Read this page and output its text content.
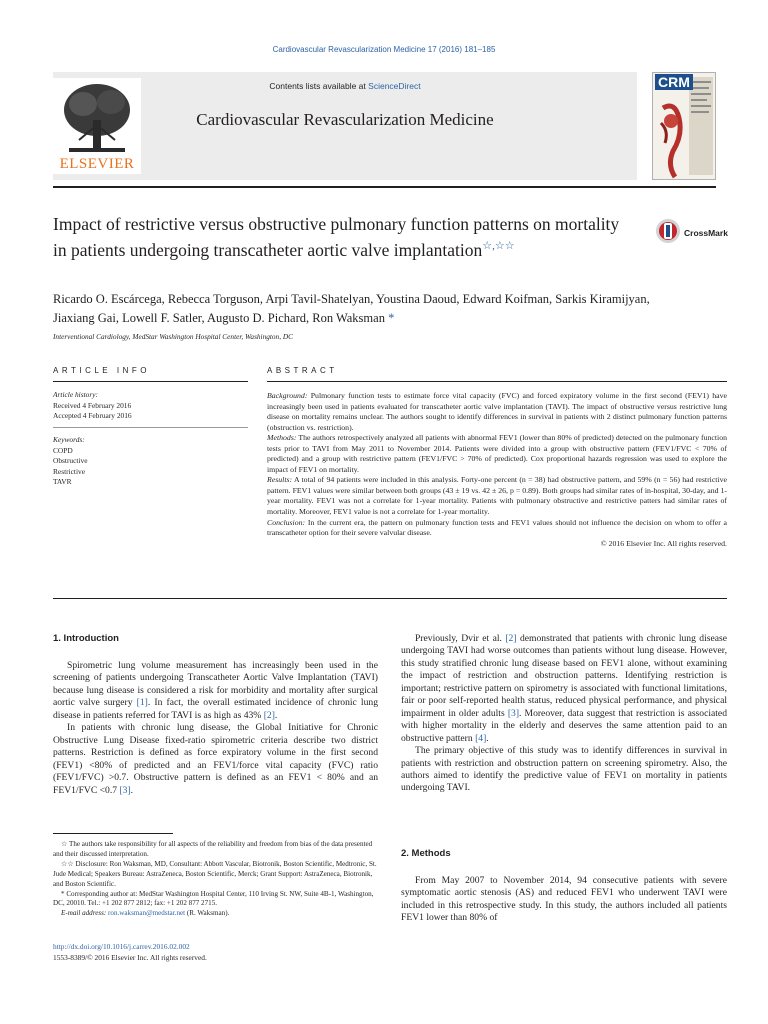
Cardiovascular Revascularization Medicine 17 (2016) 181–185
ELSEVIER
Contents lists available at ScienceDirect
Cardiovascular Revascularization Medicine
CRM
Impact of restrictive versus obstructive pulmonary function patterns on mortality in patients undergoing transcatheter aortic valve implantation☆,☆☆
CrossMark
Ricardo O. Escárcega, Rebecca Torguson, Arpi Tavil-Shatelyan, Youstina Daoud, Edward Koifman, Sarkis Kiramijyan, Jiaxiang Gai, Lowell F. Satler, Augusto D. Pichard, Ron Waksman *
Interventional Cardiology, MedStar Washington Hospital Center, Washington, DC
ARTICLE INFO	ABSTRACT
Article history:
Received 4 February 2016
Accepted 4 February 2016
Keywords:
COPD
Obstructive
Restrictive
TAVR

Background: Pulmonary function tests to estimate force vital capacity (FVC) and forced expiratory volume in the first second (FEV1) have increasingly been used in patients evaluated for transcatheter aortic valve implantation (TAVI). The impact of obstructive versus restrictive lung disease on mortality remains unclear. The authors sought to identify differences in survival in patients with 2 distinct pulmonary function patterns (obstruction vs. restriction).

Methods: The authors retrospectively analyzed all patients with abnormal FEV1 (lower than 80% of predicted) detected on the pulmonary function tests prior to TAVI from May 2011 to November 2014. Patients were divided into a group with obstructive pattern (FEV1/FVC < 70% of predicted) and a group with restrictive pattern (FEV1/FVC > 70% of predicted). Cox proportional hazards regression was used to explore the impact of FEV1 on mortality.

Results: A total of 94 patients were included in this analysis. Forty-one percent (n = 38) had obstructive pattern, and 59% (n = 56) had restrictive pattern. FEV1 values were similar between both groups (43 ± 19 vs. 42 ± 26, p = 0.89). Both groups had similar rates of in-hospital, 30-day, and 1-year mortality. FEV1 was not a correlate for 1-year mortality. Patients with pulmonary obstructive and restrictive patters had similar rates of mortality. Moreover, FEV1 value is not a correlate for 1-year mortality.

Conclusion: In the current era, the pattern on pulmonary function tests and FEV1 values should not influence the decision on whom to offer a transcatheter option for their severe valvular disease.

© 2016 Elsevier Inc. All rights reserved.

1. Introduction

Spirometric lung volume measurement has increasingly been used in the screening of patients undergoing Transcatheter Aortic Valve Implantation (TAVI) because lung disease is considered a risk for morbidity and mortality after surgical aortic valve surgery [1]. In fact, the overall estimated incidence of chronic lung disease in patients referred for TAVI is as high as 43% [2].

In patients with chronic lung disease, the Global Initiative for Chronic Obstructive Lung Disease fixed-ratio spirometric criteria describe two district patterns. Restriction is defined as force expiratory volume in the first second (FEV1) <80% of predicted and an FEV1/force vital capacity (FVC) ratio (FEV1/FVC) >0.7. Obstructive pattern is defined as an FEV1 < 80% and an FEV1/FVC <0.7 [3].

☆ The authors take responsibility for all aspects of the reliability and freedom from bias of the data presented and their discussed interpretation.

☆☆ Disclosure: Ron Waksman, MD, Consultant: Abbott Vascular, Biotronik, Boston Scientific, Medtronic, St. Jude Medical; Speakers Bureau: AstraZeneca, Boston Scientific, Merck; Grant Support: AstraZeneca, Biotronik, and Boston Scientific.

* Corresponding author at: MedStar Washington Hospital Center, 110 Irving St. NW, Suite 4B-1, Washington, DC, 20010. Tel.: +1 202 877 2812; fax: +1 202 877 2715.

E-mail address: ron.waksman@medstar.net (R. Waksman).

http://dx.doi.org/10.1016/j.carrev.2016.02.002
1553-8389/© 2016 Elsevier Inc. All rights reserved.

Previously, Dvir et al. [2] demonstrated that patients with chronic lung disease undergoing TAVI had worse outcomes than patients without lung disease. However, this study stratified chronic lung disease based on FEV1 alone, without examining the impact of restriction and obstruction patterns. Identifying restriction is important; restrictive pattern on spirometry is associated with functional limitations, fair or poor self-reported health status, reduced physical performance, and physical impairment in older adults [3]. Moreover, data suggest that restriction is associated with higher mortality in the elderly and deserves the same attention paid to an obstructive pattern [4].

The primary objective of this study was to identify differences in survival in patients with restriction and obstruction pattern on screening spirometry. Also, the authors aimed to identify the predictive value of FEV1 on mortality in patients undergoing TAVI.

2. Methods

From May 2007 to November 2014, 94 consecutive patients with severe symptomatic aortic stenosis (AS) and reduced FEV1 who underwent TAVI were included in this retrospective study. In this study, the authors included all patients FEV1 lower than 80% of
